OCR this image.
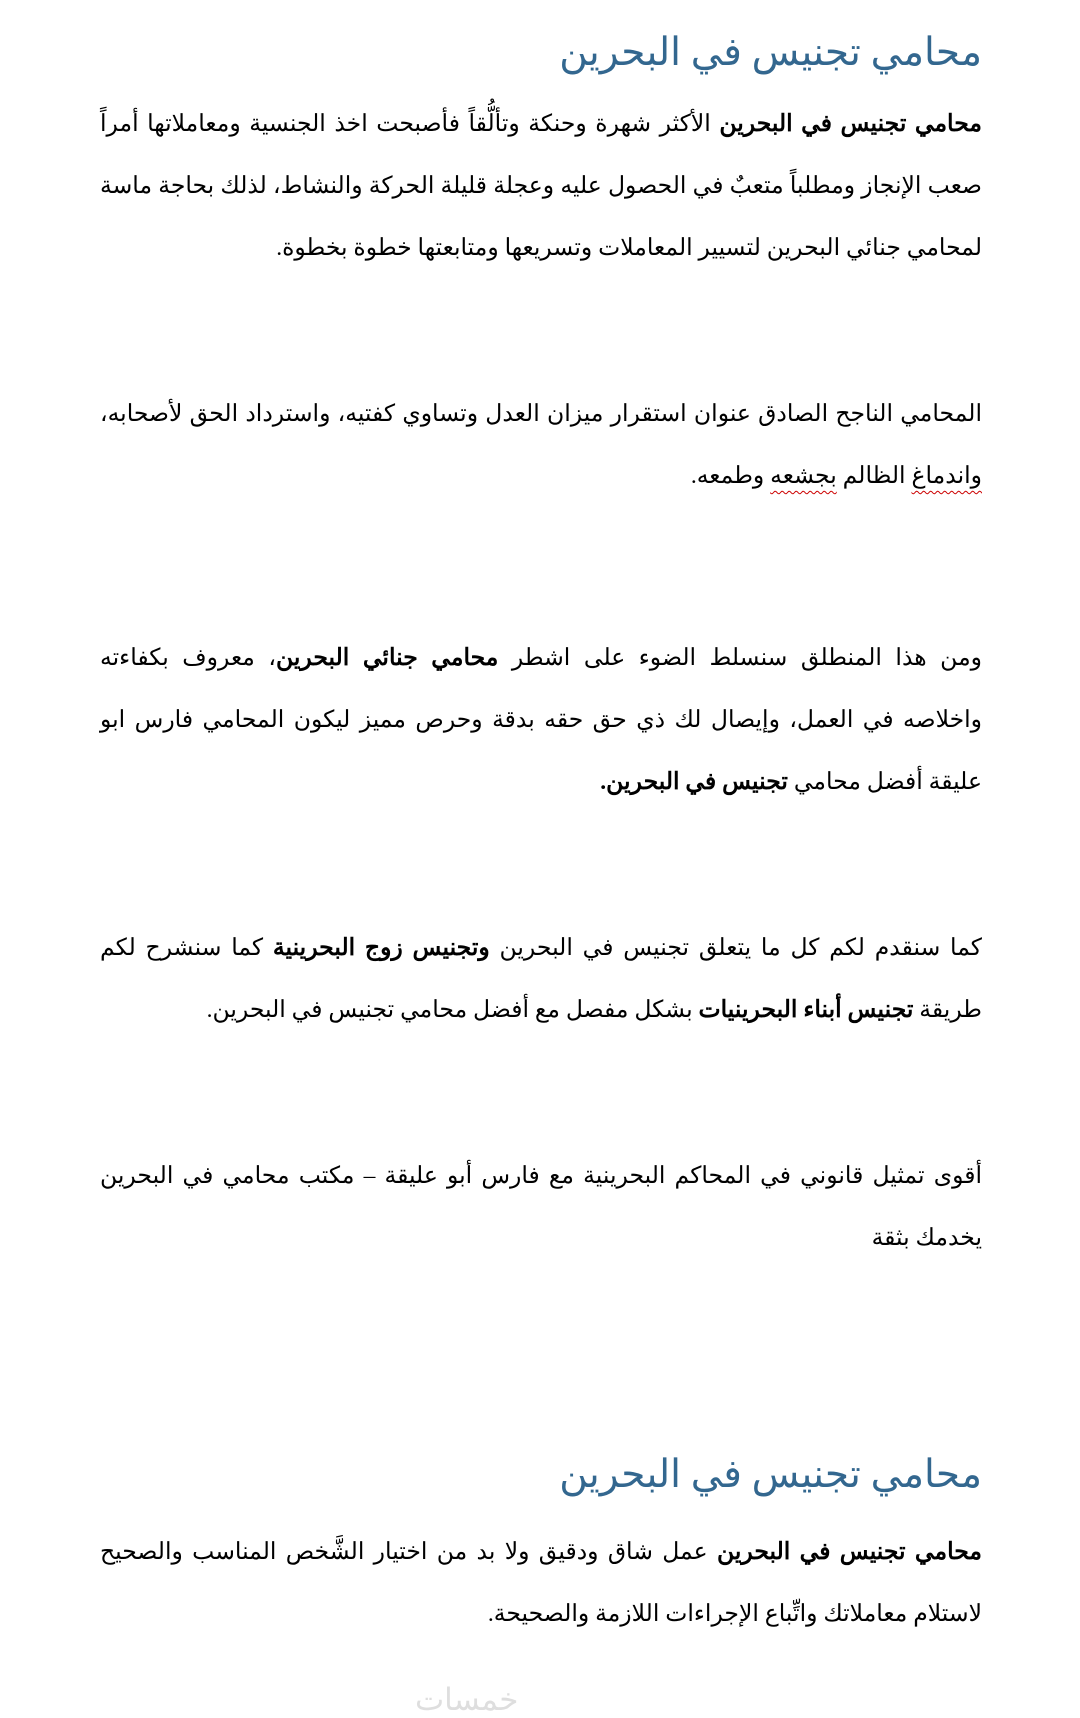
محامي تجنيس في البحرين

محامي تجنيس في البحرين الأكثر شهرة وحنكة وتألُّقاً فأصبحت اخذ الجنسية ومعاملاتها أمراً صعب الإنجاز ومطلباً متعبٌ في الحصول عليه وعجلة قليلة الحركة والنشاط، لذلك بحاجة ماسة لمحامي جنائي البحرين لتسيير المعاملات وتسريعها ومتابعتها خطوة بخطوة.

المحامي الناجح الصادق عنوان استقرار ميزان العدل وتساوي كفتيه، واسترداد الحق لأصحابه، واندماغ الظالم بجشعه وطمعه.

ومن هذا المنطلق سنسلط الضوء على اشطر محامي جنائي البحرين، معروف بكفاءته واخلاصه في العمل، وإيصال لك ذي حق حقه بدقة وحرص مميز ليكون المحامي فارس ابو عليقة أفضل محامي تجنيس في البحرين.

كما سنقدم لكم كل ما يتعلق تجنيس في البحرين وتجنيس زوج البحرينية كما سنشرح لكم طريقة تجنيس أبناء البحرينيات بشكل مفصل مع أفضل محامي تجنيس في البحرين.

أقوى تمثيل قانوني في المحاكم البحرينية مع فارس أبو عليقة – مكتب محامي في البحرين يخدمك بثقة

محامي تجنيس في البحرين

محامي تجنيس في البحرين عمل شاق ودقيق ولا بد من اختيار الشَّخص المناسب والصحيح لاستلام معاملاتك واتِّباع الإجراءات اللازمة والصحيحة.

خمسات
